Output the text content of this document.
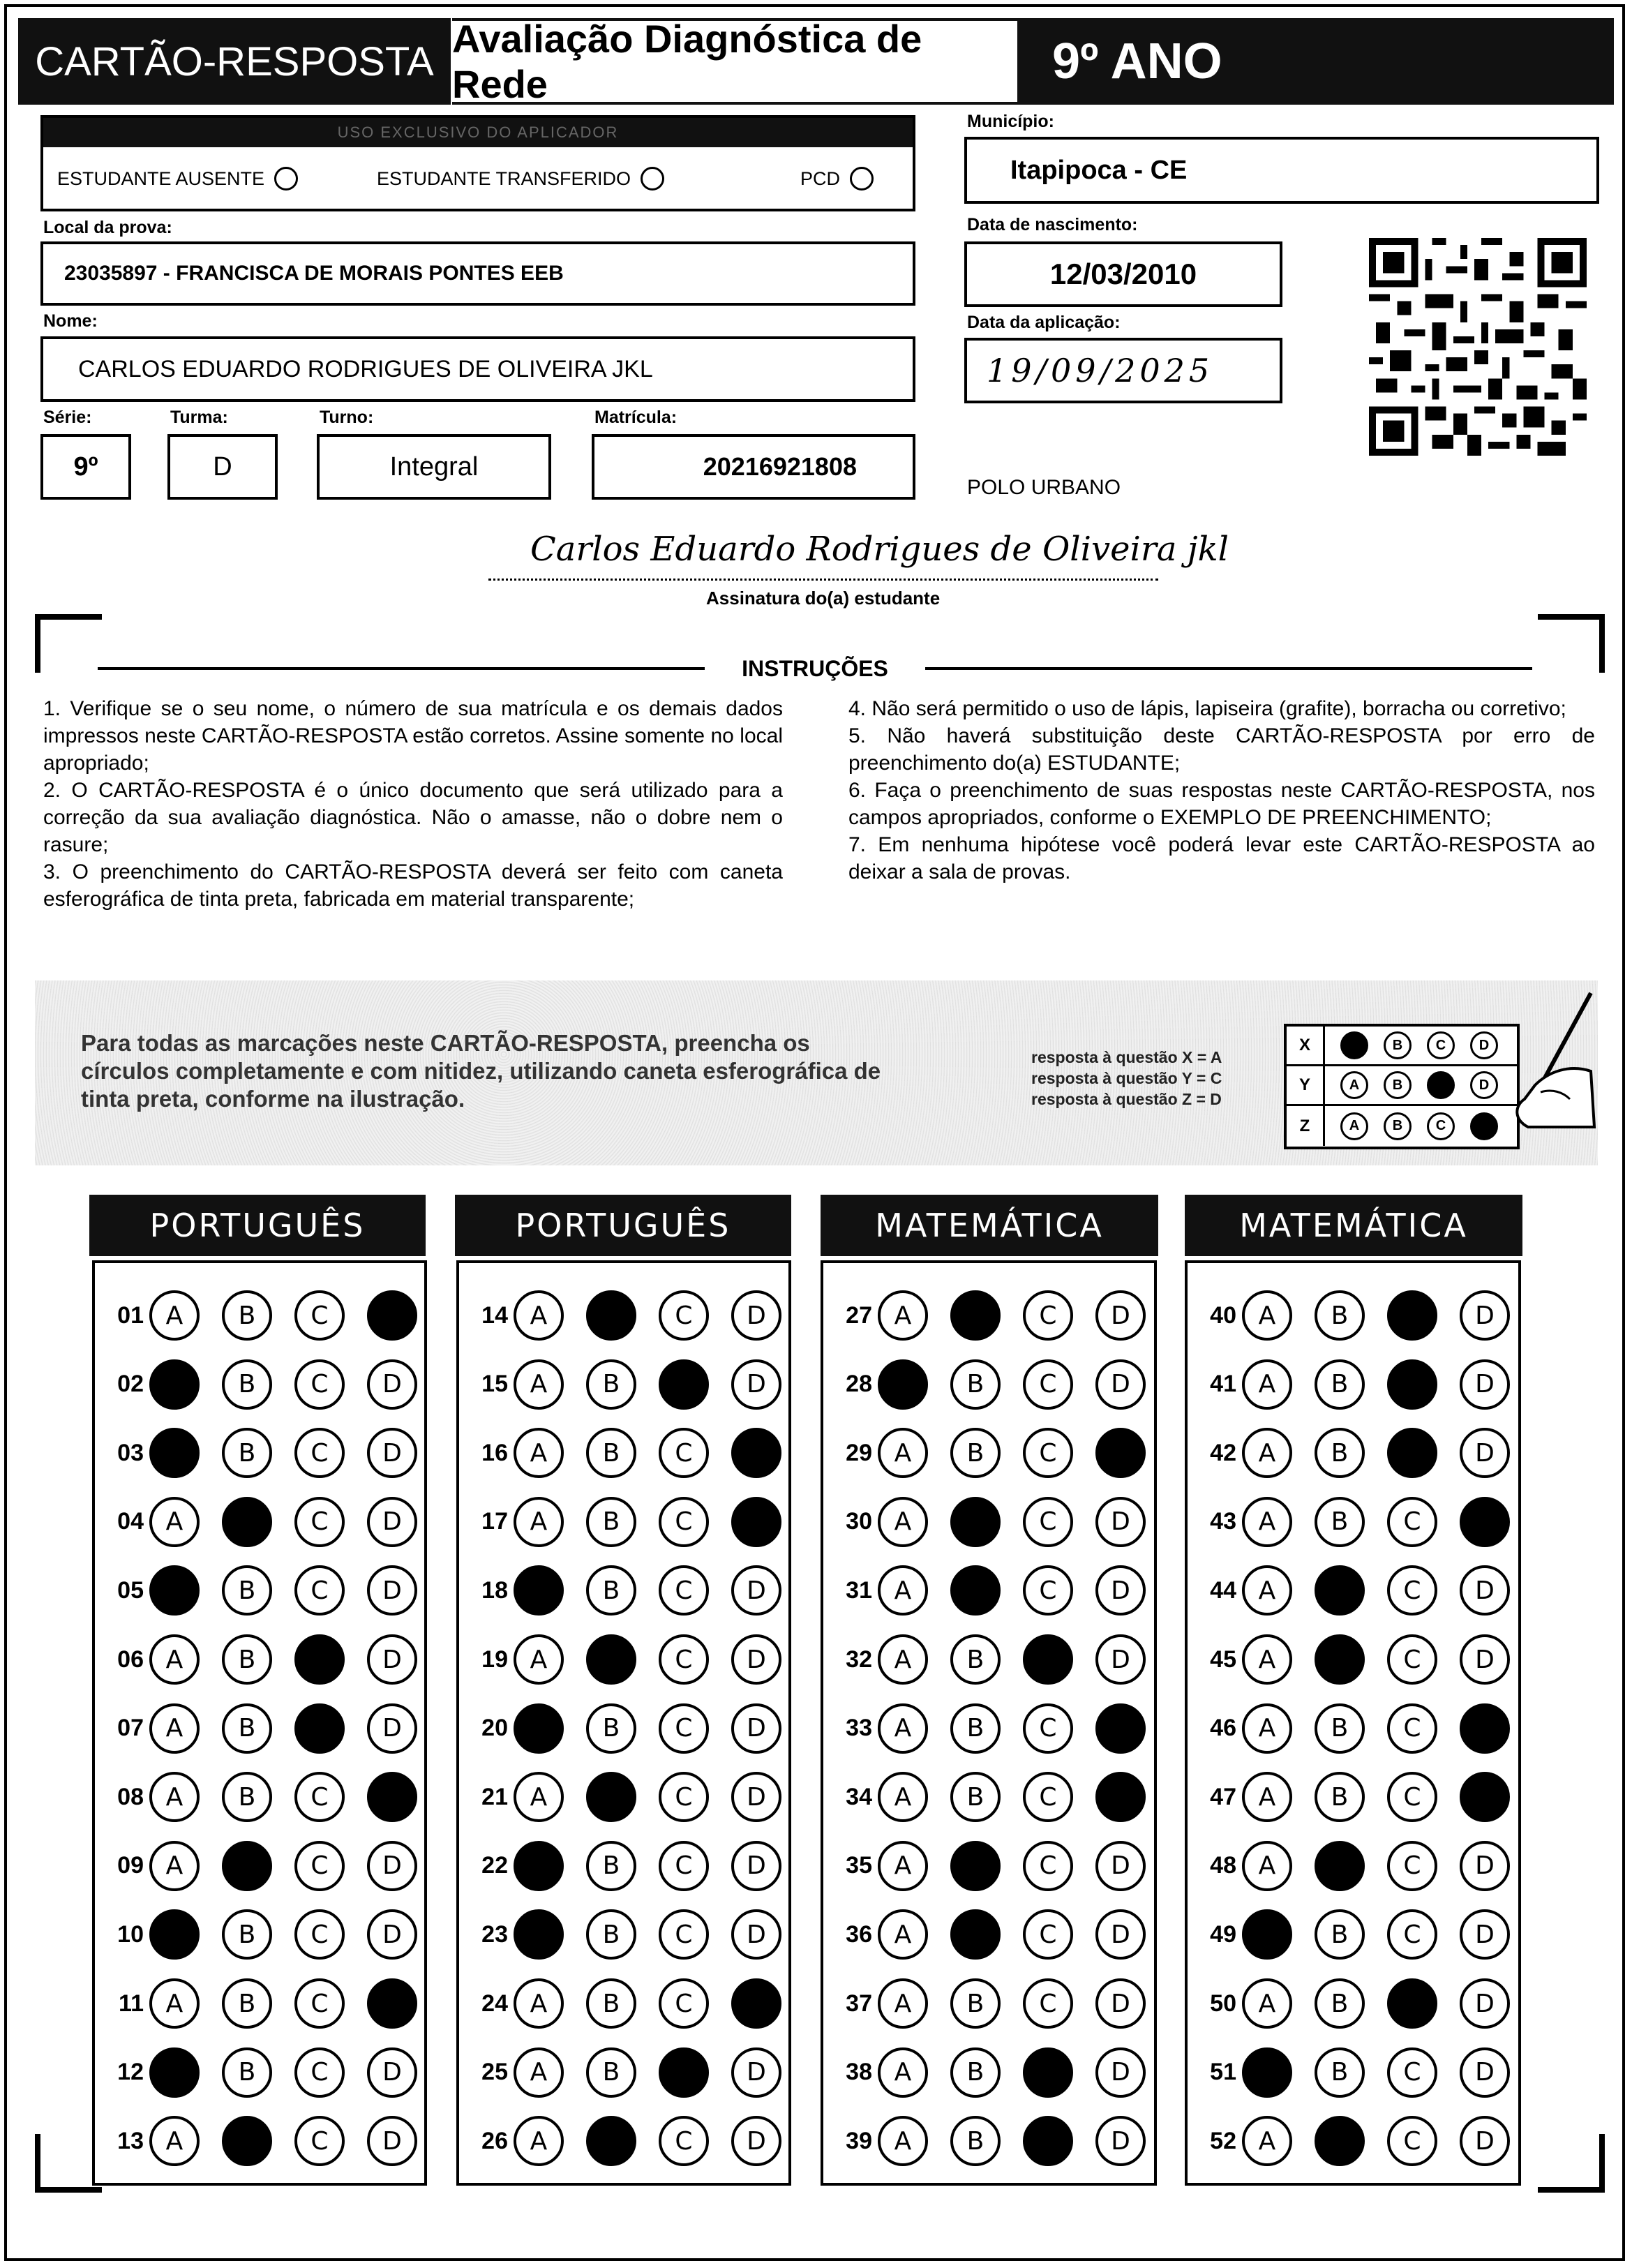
CARTÃO-RESPOSTA Avaliação Diagnóstica de Rede	9º ANO
USO EXCLUSIVO DO APLICADOR
ESTUDANTE AUSENTE	ESTUDANTE TRANSFERIDO	PCD
Local da prova:
23035897 - FRANCISCA DE MORAIS PONTES EEB
Nome:
CARLOS EDUARDO RODRIGUES DE OLIVEIRA JKL
Série:
9º
Turma:
D
Turno:
Integral
Matrícula:
20216921808
Município:
Itapipoca - CE
Data de nascimento:
12/03/2010
Data da aplicação:
19/09/2025
POLO URBANO
Carlos Eduardo Rodrigues de Oliveira jkl
Assinatura do(a) estudante
INSTRUÇÕES

1. Verifique se o seu nome, o número de sua matrícula e os demais dados impressos neste CARTÃO-RESPOSTA estão corretos. Assine somente no local apropriado;

2. O CARTÃO-RESPOSTA é o único documento que será utilizado para a correção da sua avaliação diagnóstica. Não o amasse, não o dobre nem o rasure;

3. O preenchimento do CARTÃO-RESPOSTA deverá ser feito com caneta esferográfica de tinta preta, fabricada em material transparente;

4. Não será permitido o uso de lápis, lapiseira (grafite), borracha ou corretivo;

5. Não haverá substituição deste CARTÃO-RESPOSTA por erro de preenchimento do(a) ESTUDANTE;

6. Faça o preenchimento de suas respostas neste CARTÃO-RESPOSTA, nos campos apropriados, conforme o EXEMPLO DE PREENCHIMENTO;

7. Em nenhuma hipótese você poderá levar este CARTÃO-RESPOSTA ao deixar a sala de provas.

Para todas as marcações neste CARTÃO-RESPOSTA, preencha os círculos completamente e com nitidez, utilizando caneta esferográfica de tinta preta, conforme na ilustração.
resposta à questão X = A
resposta à questão Y = C
resposta à questão Z = D
X	A	B	C	D
Y	A	B	C	D
Z	A	B	C	D
PORTUGUÊS	PORTUGUÊS	MATEMÁTICA	MATEMÁTICA
01 A	B	C	D
02 A	B	C	D
03 A	B	C	D
04 A	B	C	D
05 A	B	C	D
06 A	B	C	D
07 A	B	C	D
08 A	B	C	D
09 A	B	C	D
10 A	B	C	D
11 A	B	C	D
12 A	B	C	D
13 A	B	C	D
14 A	B	C	D
15 A	B	C	D
16 A	B	C	D
17 A	B	C	D
18 A	B	C	D
19 A	B	C	D
20 A	B	C	D
21 A	B	C	D
22 A	B	C	D
23 A	B	C	D
24 A	B	C	D
25 A	B	C	D
26 A	B	C	D
27 A	B	C	D
28 A	B	C	D
29 A	B	C	D
30 A	B	C	D
31 A	B	C	D
32 A	B	C	D
33 A	B	C	D
34 A	B	C	D
35 A	B	C	D
36 A	B	C	D
37 A	B	C	D
38 A	B	C	D
39 A	B	C	D
40 A	B	C	D
41 A	B	C	D
42 A	B	C	D
43 A	B	C	D
44 A	B	C	D
45 A	B	C	D
46 A	B	C	D
47 A	B	C	D
48 A	B	C	D
49 A	B	C	D
50 A	B	C	D
51 A	B	C	D
52 A	B	C	D
